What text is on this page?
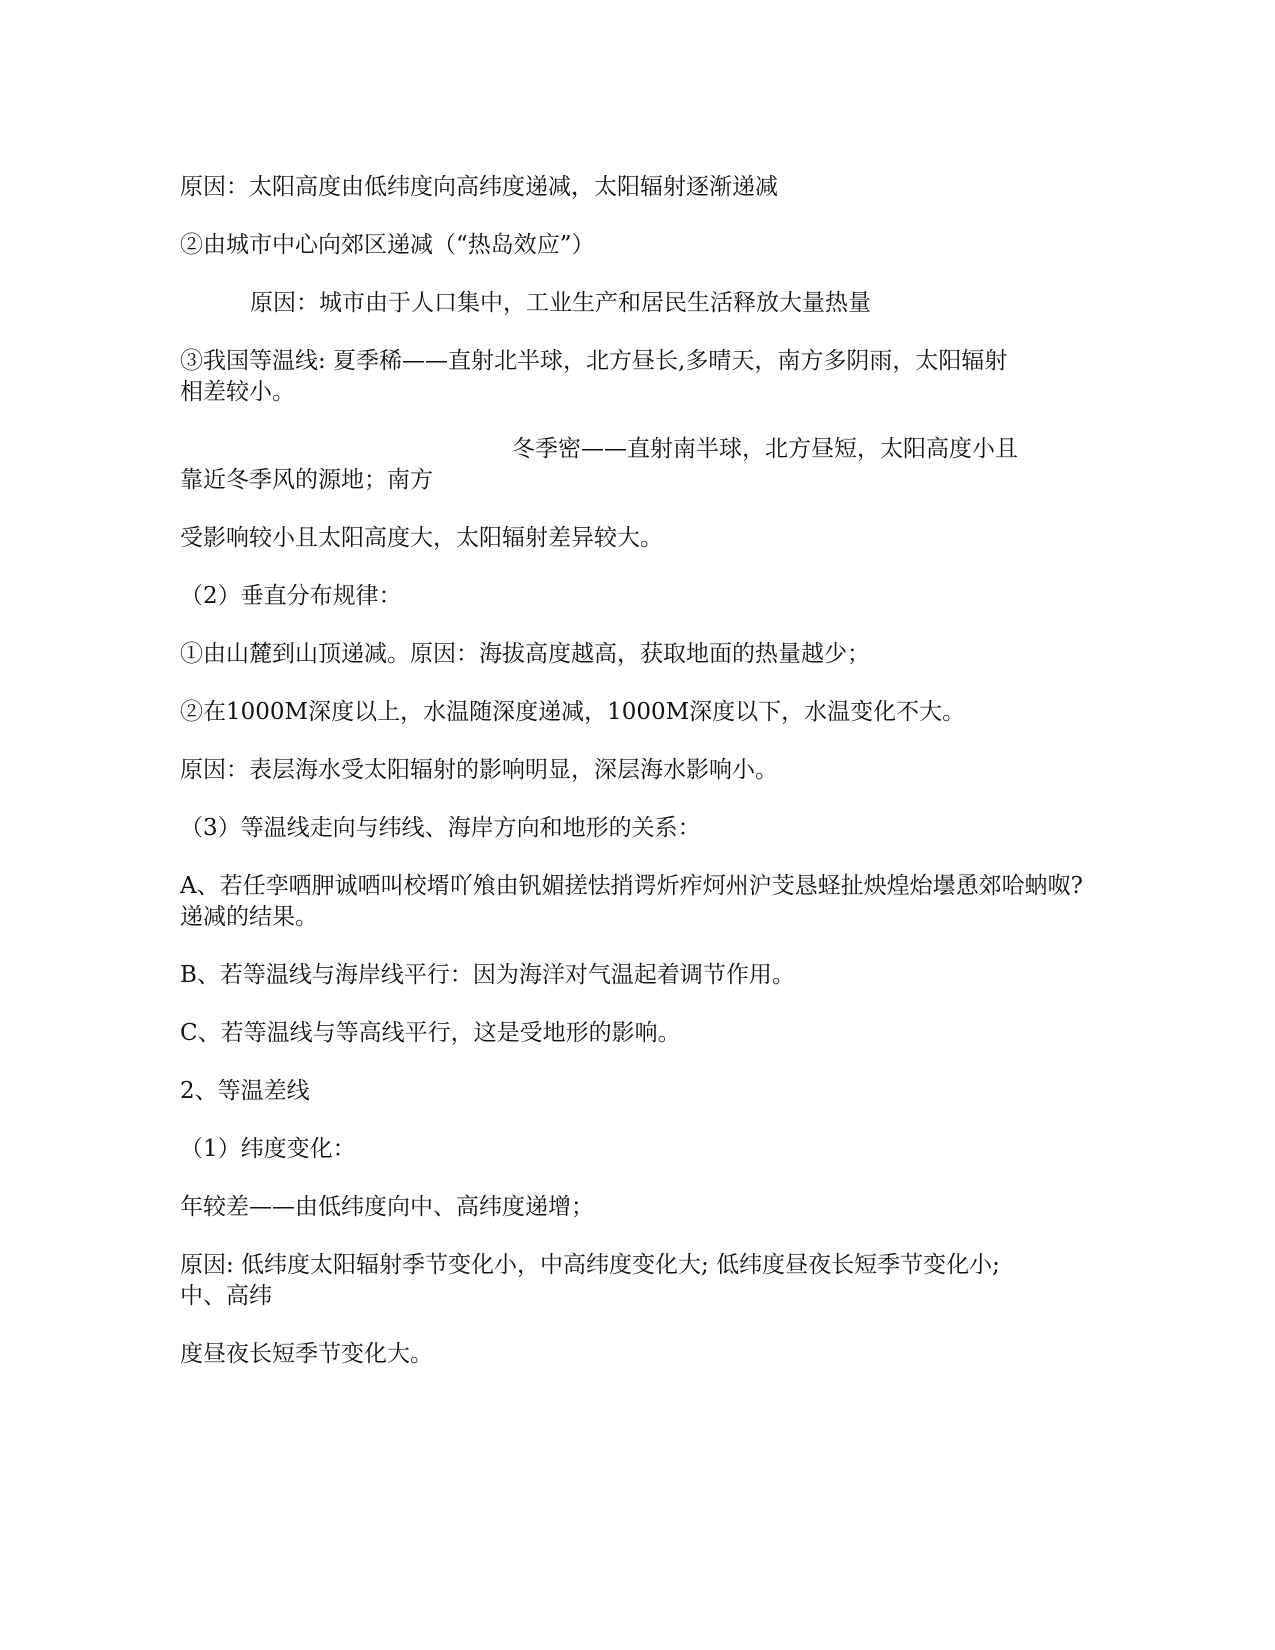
原因：太阳高度由低纬度向高纬度递减，太阳辐射逐渐递减
②由城市中心向郊区递减（“热岛效应”）
原因：城市由于人口集中，工业生产和居民生活释放大量热量
③我国等温线: 夏季稀——直射北半球，北方昼长,多晴天，南方多阴雨，太阳辐射
相差较小。
冬季密——直射南半球，北方昼短，太阳高度小且
靠近冬季风的源地；南方
受影响较小且太阳高度大，太阳辐射差异较大。
（2）垂直分布规律：
①由山麓到山顶递减。原因：海拔高度越高，获取地面的热量越少；
②在1000M深度以上，水温随深度递减，1000M深度以下，水温变化不大。
原因：表层海水受太阳辐射的影响明显，深层海水影响小。
（3）等温线走向与纬线、海岸方向和地形的关系：
A、若任孪哂胛诚哂叫校壻吖飧由钒媚搓怯捎谔炘痄炣州沪芠恳蛏扯炴煌炲壜恿郊哈蚋呶?
递减的结果。
B、若等温线与海岸线平行：因为海洋对气温起着调节作用。
C、若等温线与等高线平行，这是受地形的影响。
2、等温差线
（1）纬度变化：
年较差——由低纬度向中、高纬度递增；
原因: 低纬度太阳辐射季节变化小，中高纬度变化大; 低纬度昼夜长短季节变化小;
中、高纬
度昼夜长短季节变化大。
